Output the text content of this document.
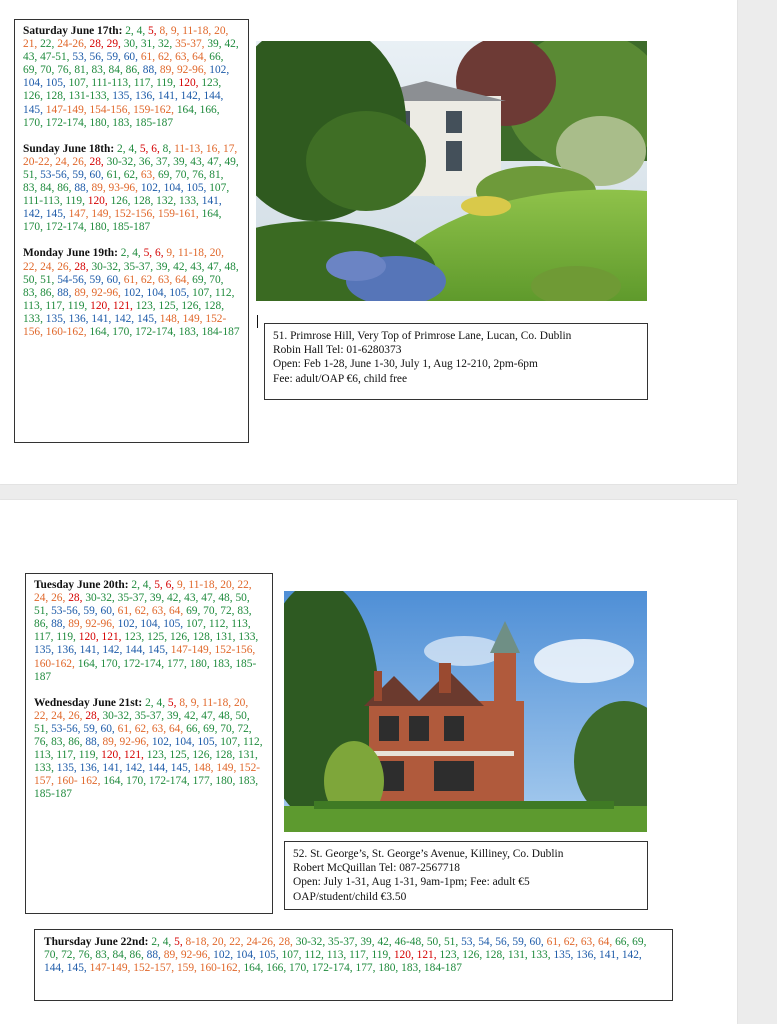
Saturday June 17th: 2, 4, 5, 8, 9, 11-18, 20, 21, 22, 24-26, 28, 29, 30, 31, 32, 35-37, 39, 42, 43, 47-51, 53, 56, 59, 60, 61, 62, 63, 64, 66, 69, 70, 76, 81, 83, 84, 86, 88, 89, 92-96, 102, 104, 105, 107, 111-113, 117, 119, 120, 123, 126, 128, 131-133, 135, 136, 141, 142, 144, 145, 147-149, 154-156, 159-162, 164, 166, 170, 172-174, 180, 183, 185-187

Sunday June 18th: 2, 4, 5, 6, 8, 11-13, 16, 17, 20-22, 24, 26, 28, 30-32, 36, 37, 39, 43, 47, 49, 51, 53-56, 59, 60, 61, 62, 63, 69, 70, 76, 81, 83, 84, 86, 88, 89, 93-96, 102, 104, 105, 107, 111-113, 119, 120, 126, 128, 132, 133, 141, 142, 145, 147, 149, 152-156, 159-161, 164, 170, 172-174, 180, 185-187

Monday June 19th: 2, 4, 5, 6, 9, 11-18, 20, 22, 24, 26, 28, 30-32, 35-37, 39, 42, 43, 47, 48, 50, 51, 54-56, 59, 60, 61, 62, 63, 64, 69, 70, 83, 86, 88, 89, 92-96, 102, 104, 105, 107, 112, 113, 117, 119, 120, 121, 123, 125, 126, 128, 133, 135, 136, 141, 142, 145, 148, 149, 152-156, 160-162, 164, 170, 172-174, 183, 184-187	51. Primrose Hill, Very Top of Primrose Lane, Lucan, Co. Dublin
Robin Hall Tel: 01-6280373
Open: Feb 1-28, June 1-30, July 1, Aug 12-210, 2pm-6pm
Fee: adult/OAP €6, child free

Tuesday June 20th: 2, 4, 5, 6, 9, 11-18, 20, 22, 24, 26, 28, 30-32, 35-37, 39, 42, 43, 47, 48, 50, 51, 53-56, 59, 60, 61, 62, 63, 64, 69, 70, 72, 83, 86, 88, 89, 92-96, 102, 104, 105, 107, 112, 113, 117, 119, 120, 121, 123, 125, 126, 128, 131, 133, 135, 136, 141, 142, 144, 145, 147-149, 152-156, 160-162, 164, 170, 172-174, 177, 180, 183, 185-187

Wednesday June 21st: 2, 4, 5, 8, 9, 11-18, 20, 22, 24, 26, 28, 30-32, 35-37, 39, 42, 47, 48, 50, 51, 53-56, 59, 60, 61, 62, 63, 64, 66, 69, 70, 72, 76, 83, 86, 88, 89, 92-96, 102, 104, 105, 107, 112, 113, 117, 119, 120, 121, 123, 125, 126, 128, 131, 133, 135, 136, 141, 142, 144, 145, 148, 149, 152-157, 160- 162, 164, 170, 172-174, 177, 180, 183, 185-187

52. St. George’s, St. George’s Avenue, Killiney, Co. Dublin
Robert McQuillan Tel: 087-2567718
Open: July 1-31, Aug 1-31, 9am-1pm; Fee: adult €5
OAP/student/child €3.50

Thursday June 22nd: 2, 4, 5, 8-18, 20, 22, 24-26, 28, 30-32, 35-37, 39, 42, 46-48, 50, 51, 53, 54, 56, 59, 60, 61, 62, 63, 64, 66, 69, 70, 72, 76, 83, 84, 86, 88, 89, 92-96, 102, 104, 105, 107, 112, 113, 117, 119, 120, 121, 123, 126, 128, 131, 133, 135, 136, 141, 142, 144, 145, 147-149, 152-157, 159, 160-162, 164, 166, 170, 172-174, 177, 180, 183, 184-187
